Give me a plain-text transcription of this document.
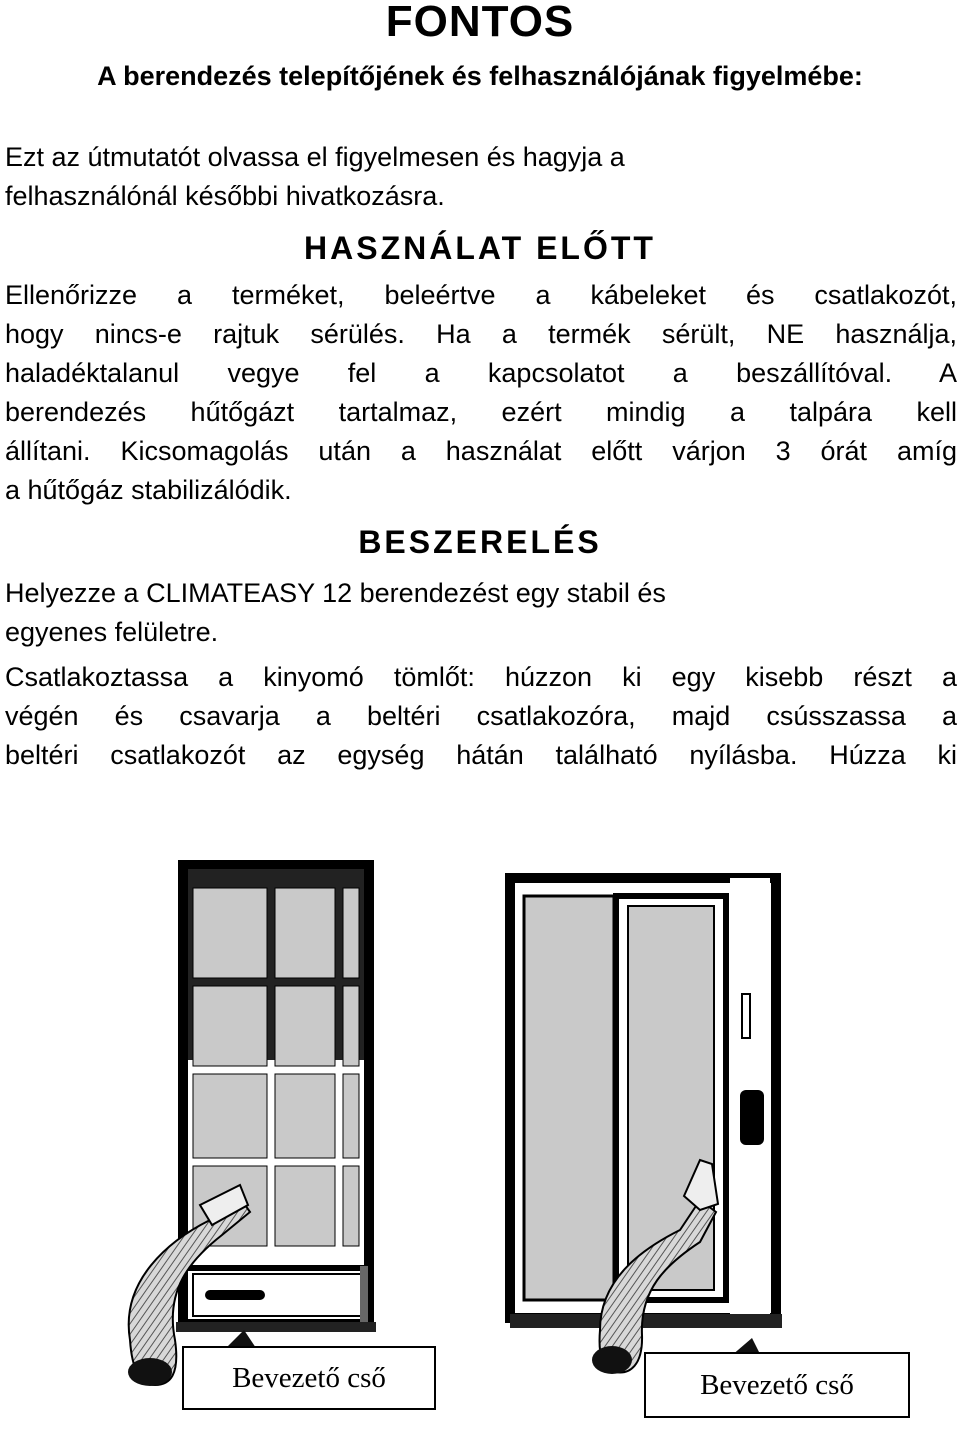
FONTOS
A berendezés telepítőjének és felhasználójának figyelmébe:
Ezt az útmutatót olvassa el figyelmesen és hagyja a
felhasználónál későbbi hivatkozásra.
HASZNÁLAT ELŐTT
Ellenőrizze a terméket, beleértve a kábeleket és csatlakozót,
hogy nincs-e rajtuk sérülés. Ha a termék sérült, NE használja,
haladéktalanul vegye fel a kapcsolatot a beszállítóval. A
berendezés hűtőgázt tartalmaz, ezért mindig a talpára kell
állítani. Kicsomagolás után a használat előtt várjon 3 órát amíg
a hűtőgáz stabilizálódik.
BESZERELÉS
Helyezze a CLIMATEASY 12 berendezést egy stabil és
egyenes felületre.
Csatlakoztassa a kinyomó tömlőt: húzzon ki egy kisebb részt a
végén és csavarja a beltéri csatlakozóra, majd csússzassa a
beltéri csatlakozót az egység hátán található nyílásba. Húzza ki
Bevezető cső	Bevezető cső
